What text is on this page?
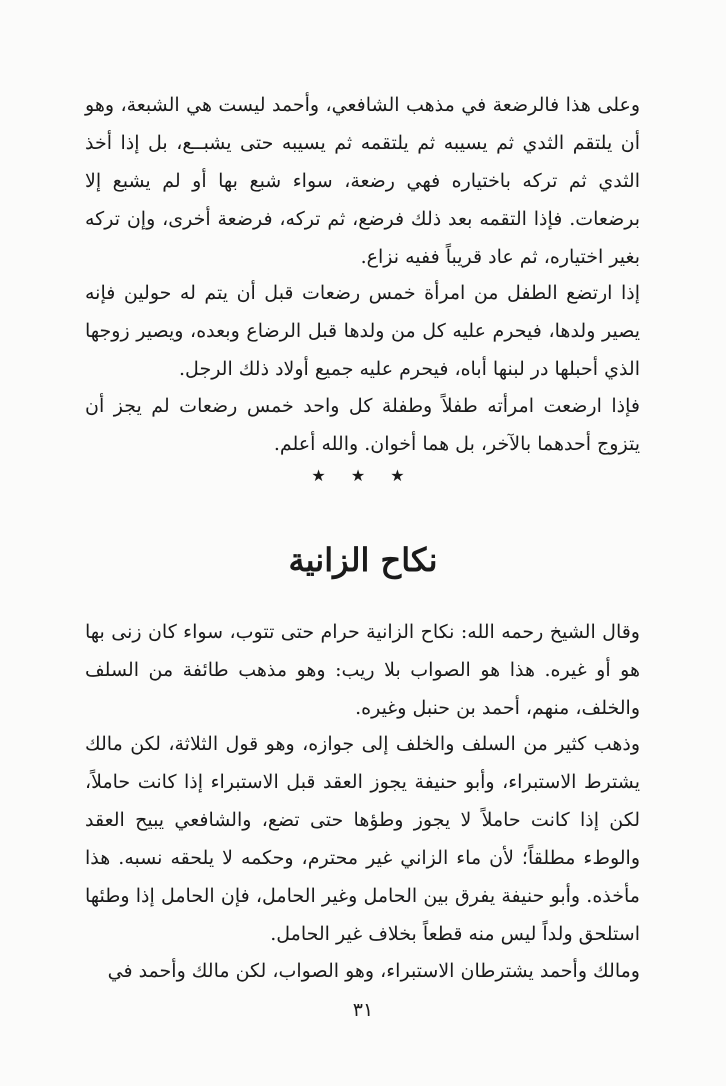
وعلى هذا فالرضعة في مذهب الشافعي، وأحمد ليست هي الشبعة، وهو أن يلتقم الثدي ثم يسيبه ثم يلتقمه ثم يسيبه حتى يشبــع، بل إذا أخذ الثدي ثم تركه باختياره فهي رضعة، سواء شبع بها أو لم يشبع إلا برضعات. فإذا التقمه بعد ذلك فرضع، ثم تركه، فرضعة أخرى، وإن تركه بغير اختياره، ثم عاد قريباً ففيه نزاع.

إذا ارتضع الطفل من امرأة خمس رضعات قبل أن يتم له حولين فإنه يصير ولدها، فيحرم عليه كل من ولدها قبل الرضاع وبعده، ويصير زوجها الذي أحبلها در لبنها أباه، فيحرم عليه جميع أولاد ذلك الرجل.

فإذا ارضعت امرأته طفلاً وطفلة كل واحد خمس رضعات لم يجز أن يتزوج أحدهما بالآخر، بل هما أخوان. والله أعلم.

★ ★ ★
نكاح الزانية

وقال الشيخ رحمه الله: نكاح الزانية حرام حتى تتوب، سواء كان زنى بها هو أو غيره. هذا هو الصواب بلا ريب: وهو مذهب طائفة من السلف والخلف، منهم، أحمد بن حنبل وغيره.

وذهب كثير من السلف والخلف إلى جوازه، وهو قول الثلاثة، لكن مالك يشترط الاستبراء، وأبو حنيفة يجوز العقد قبل الاستبراء إذا كانت حاملاً، لكن إذا كانت حاملاً لا يجوز وطؤها حتى تضع، والشافعي يبيح العقد والوطء مطلقاً؛ لأن ماء الزاني غير محترم، وحكمه لا يلحقه نسبه. هذا مأخذه. وأبو حنيفة يفرق بين الحامل وغير الحامل، فإن الحامل إذا وطئها استلحق ولداً ليس منه قطعاً بخلاف غير الحامل.

ومالك وأحمد يشترطان الاستبراء، وهو الصواب، لكن مالك وأحمد في

٣١
